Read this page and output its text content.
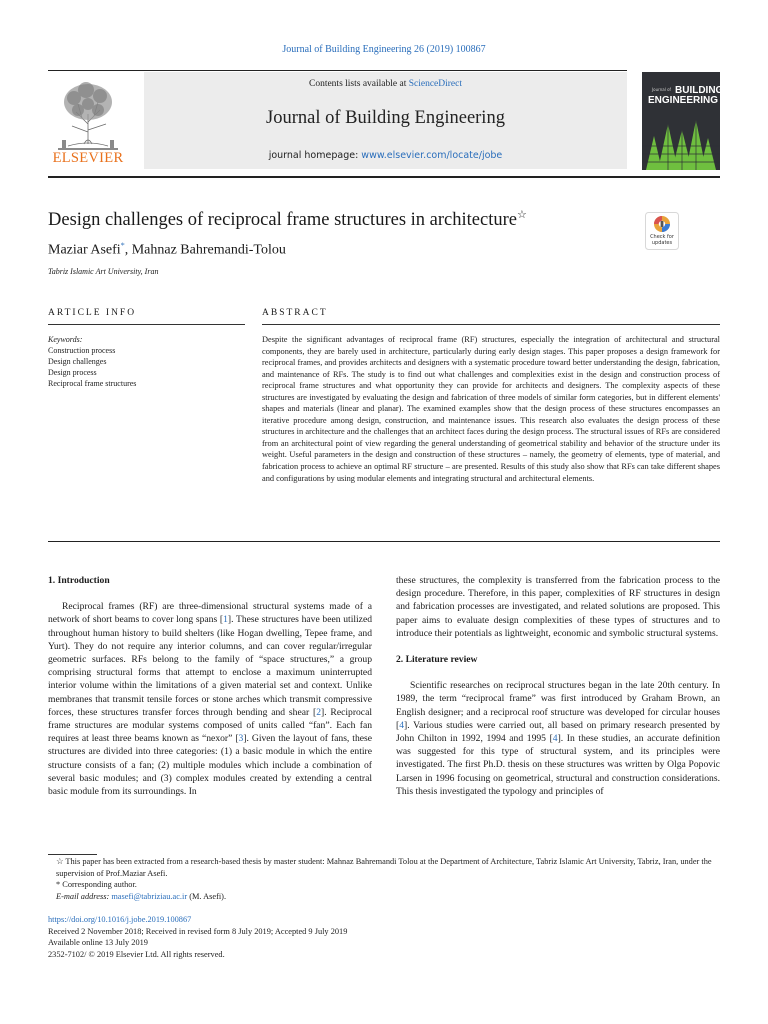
Journal of Building Engineering 26 (2019) 100867
Contents lists available at ScienceDirect
Journal of Building Engineering
journal homepage: www.elsevier.com/locate/jobe
ELSEVIER
Journal of BUILDING
ENGINEERING
Design challenges of reciprocal frame structures in architecture☆
Maziar Asefi*, Mahnaz Bahremandi-Tolou
Tabriz Islamic Art University, Iran
Check for
updates
ARTICLE INFO	ABSTRACT
Keywords:
Construction process
Design challenges
Design process
Reciprocal frame structures
Despite the significant advantages of reciprocal frame (RF) structures, especially the integration of architectural and structural components, they are barely used in architecture, particularly during early design stages. This paper proposes a design framework for reciprocal frames, and provides architects and designers with a systematic procedure toward better understanding the design, fabrication, and maintenance of RFs. The study is to find out what challenges and complexities exist in the design and construction process of reciprocal frame structures and what opportunity they can provide for architects and designers. The complexity aspects of these structures are investigated by evaluating the design and fabrication of three models of similar form categories, but in different elements' shapes and materials (linear and planar). The examined examples show that the design process of these structures encompasses an iterative procedure among design, construction, and maintenance issues. This research also evaluates the design process of these structures in architecture and the challenges that an architect faces during the design process. The structural issues of RFs are considered from an architectural point of view regarding the general understanding of geometrical stability and behavior of the structure under its weight. Useful parameters in the design and construction of these structures – namely, the geometry of elements, type of material, and fabrication process to achieve an optimal RF structure – are presented. Results of this study also show that RFs can take different shapes and configurations by using modular elements and integrating structural and architectural elements.
1. Introduction

Reciprocal frames (RF) are three-dimensional structural systems made of a network of short beams to cover long spans [1]. These structures have been utilized throughout human history to build shelters (like Hogan dwelling, Tepee frame, and Yurt). They do not require any interior columns, and can cover regular/irregular geometric surfaces. RFs belong to the family of “space structures,” a group comprising structural forms that attempt to enclose a maximum uninterrupted interior volume within the limitations of a given material set and context. Unlike membranes that transmit tensile forces or stone arches which transmit compressive forces, these structures transfer forces through bending and shear [2]. Reciprocal frame structures are modular systems composed of units called “fan”. Each fan requires at least three beams known as “nexor” [3]. Given the layout of fans, these structures are divided into three categories: (1) a basic module in which the entire structure consists of a fan; (2) multiple modules which include a combination of several basic modules; and (3) complex modules created by extending a central basic module from its surroundings. In

these structures, the complexity is transferred from the fabrication process to the design procedure. Therefore, in this paper, complexities of RF structures in design and fabrication processes are investigated, and related solutions are proposed. This paper aims to evaluate design complexities of these types of structures and to introduce their potentials as lightweight, economic and symbolic structural systems.

2. Literature review

Scientific researches on reciprocal structures began in the late 20th century. In 1989, the term “reciprocal frame” was first introduced by Graham Brown, an English designer; and a reciprocal roof structure was developed for circular houses [4]. Various studies were carried out, all based on primary research presented by John Chilton in 1992, 1994 and 1995 [4]. In these studies, an accurate definition was suggested for this type of structural system, and its principles were investigated. The first Ph.D. thesis on these structures was written by Olga Popovic Larsen in 1996 focusing on geometrical, structural and construction considerations. This thesis investigated the typology and principles of

☆ This paper has been extracted from a research-based thesis by master student: Mahnaz Bahremandi Tolou at the Department of Architecture, Tabriz Islamic Art University, Tabriz, Iran, under the supervision of Prof.Maziar Asefi.

* Corresponding author.

E-mail address: masefi@tabriziau.ac.ir (M. Asefi).

https://doi.org/10.1016/j.jobe.2019.100867
Received 2 November 2018; Received in revised form 8 July 2019; Accepted 9 July 2019
Available online 13 July 2019
2352-7102/ © 2019 Elsevier Ltd. All rights reserved.
